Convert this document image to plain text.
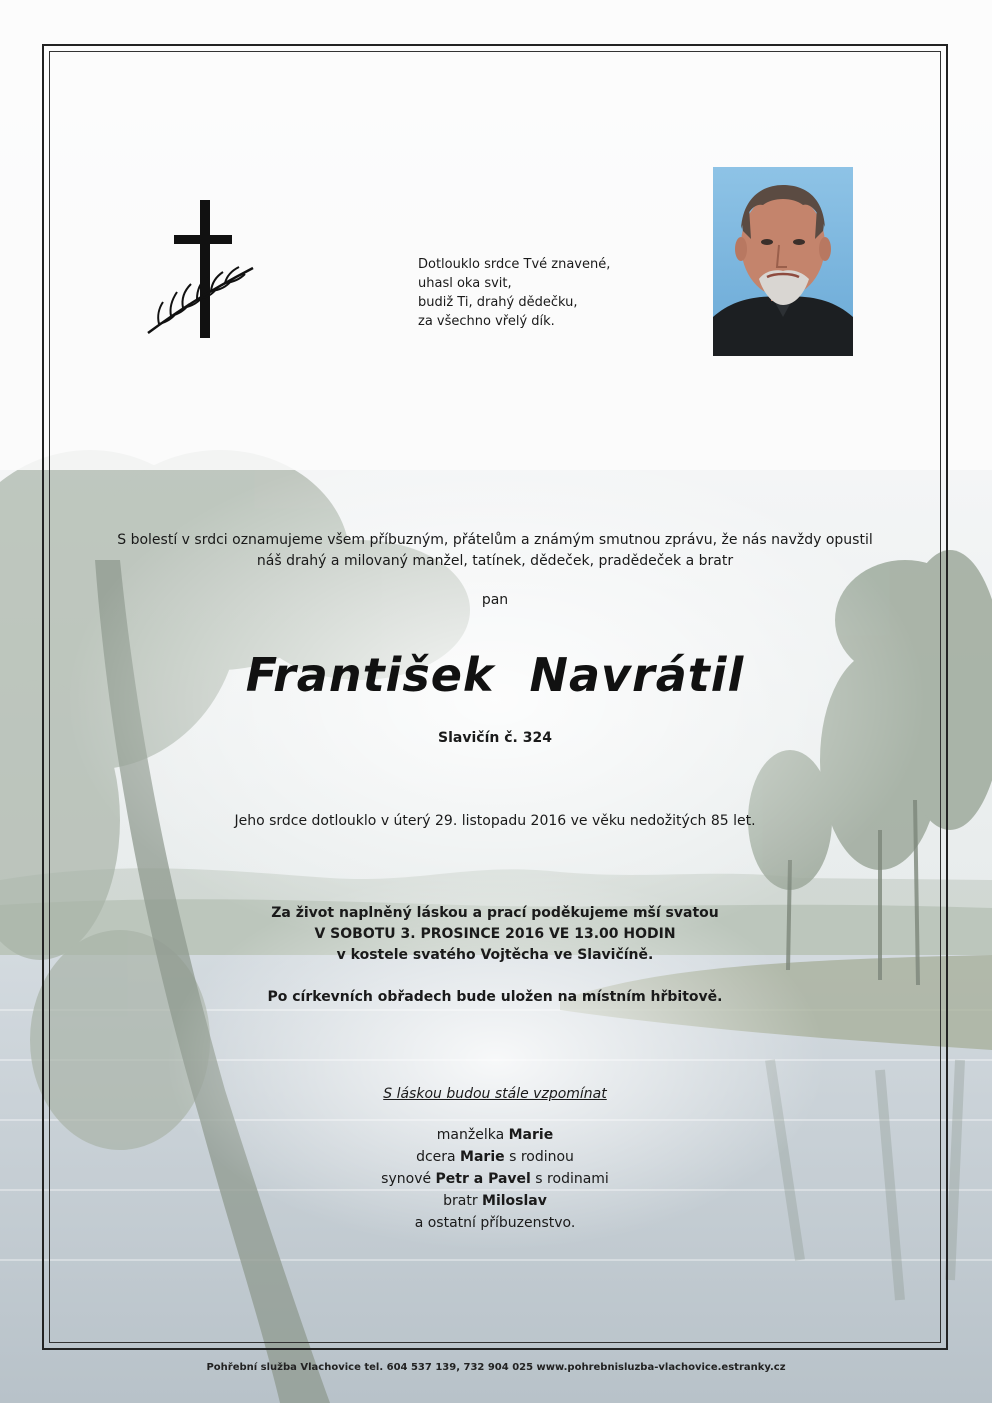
Dotlouklo srdce Tvé znavené,
uhasl oka svit,
budiž Ti, drahý dědečku,
za všechno vřelý dík.
S bolestí v srdci oznamujeme všem příbuzným, přátelům a známým smutnou zprávu, že nás navždy opustil
náš drahý a milovaný manžel, tatínek, dědeček, pradědeček a bratr
pan
František Navrátil
Slavičín č. 324
Jeho srdce dotlouklo v úterý 29. listopadu 2016 ve věku nedožitých 85 let.
Za život naplněný láskou a prací poděkujeme mší svatou
V SOBOTU 3. PROSINCE 2016 VE 13.00 HODIN
v kostele svatého Vojtěcha ve Slavičíně.
Po církevních obřadech bude uložen na místním hřbitově.
S láskou budou stále vzpomínat
manželka Marie
dcera Marie s rodinou
synové Petr a Pavel s rodinami
bratr Miloslav
a ostatní příbuzenstvo.
Pohřební služba Vlachovice tel. 604 537 139, 732 904 025 www.pohrebnisluzba-vlachovice.estranky.cz
